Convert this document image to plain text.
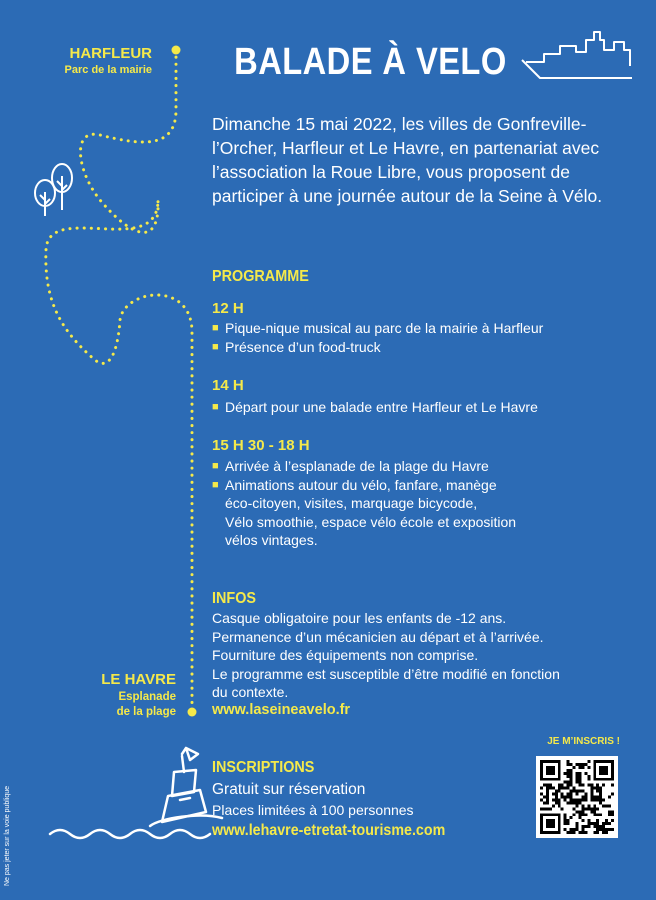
HARFLEUR
Parc de la mairie
LE HAVRE
Esplanade
de la plage
BALADE À VELO
Dimanche 15 mai 2022, les villes de Gonfreville-l’Orcher, Harfleur et Le Havre, en partenariat avec l’association la Roue Libre, vous proposent de participer à une journée autour de la Seine à Vélo.
PROGRAMME
12 H
■ Pique-nique musical au parc de la mairie à Harfleur
■ Présence d’un food-truck
14 H
■ Départ pour une balade entre Harfleur et Le Havre
15 H 30 - 18 H
■ Arrivée à l’esplanade de la plage du Havre
■ Animations autour du vélo, fanfare, manège
éco-citoyen, visites, marquage bicycode,
Vélo smoothie, espace vélo école et exposition
vélos vintages.
INFOS
Casque obligatoire pour les enfants de -12 ans.
Permanence d’un mécanicien au départ et à l’arrivée.
Fourniture des équipements non comprise.
Le programme est susceptible d’être modifié en fonction
du contexte.
www.laseineavelo.fr
INSCRIPTIONS
Gratuit sur réservation
Places limitées à 100 personnes
www.lehavre-etretat-tourisme.com
JE M’INSCRIS !
Ne pas jeter sur la voie publique
